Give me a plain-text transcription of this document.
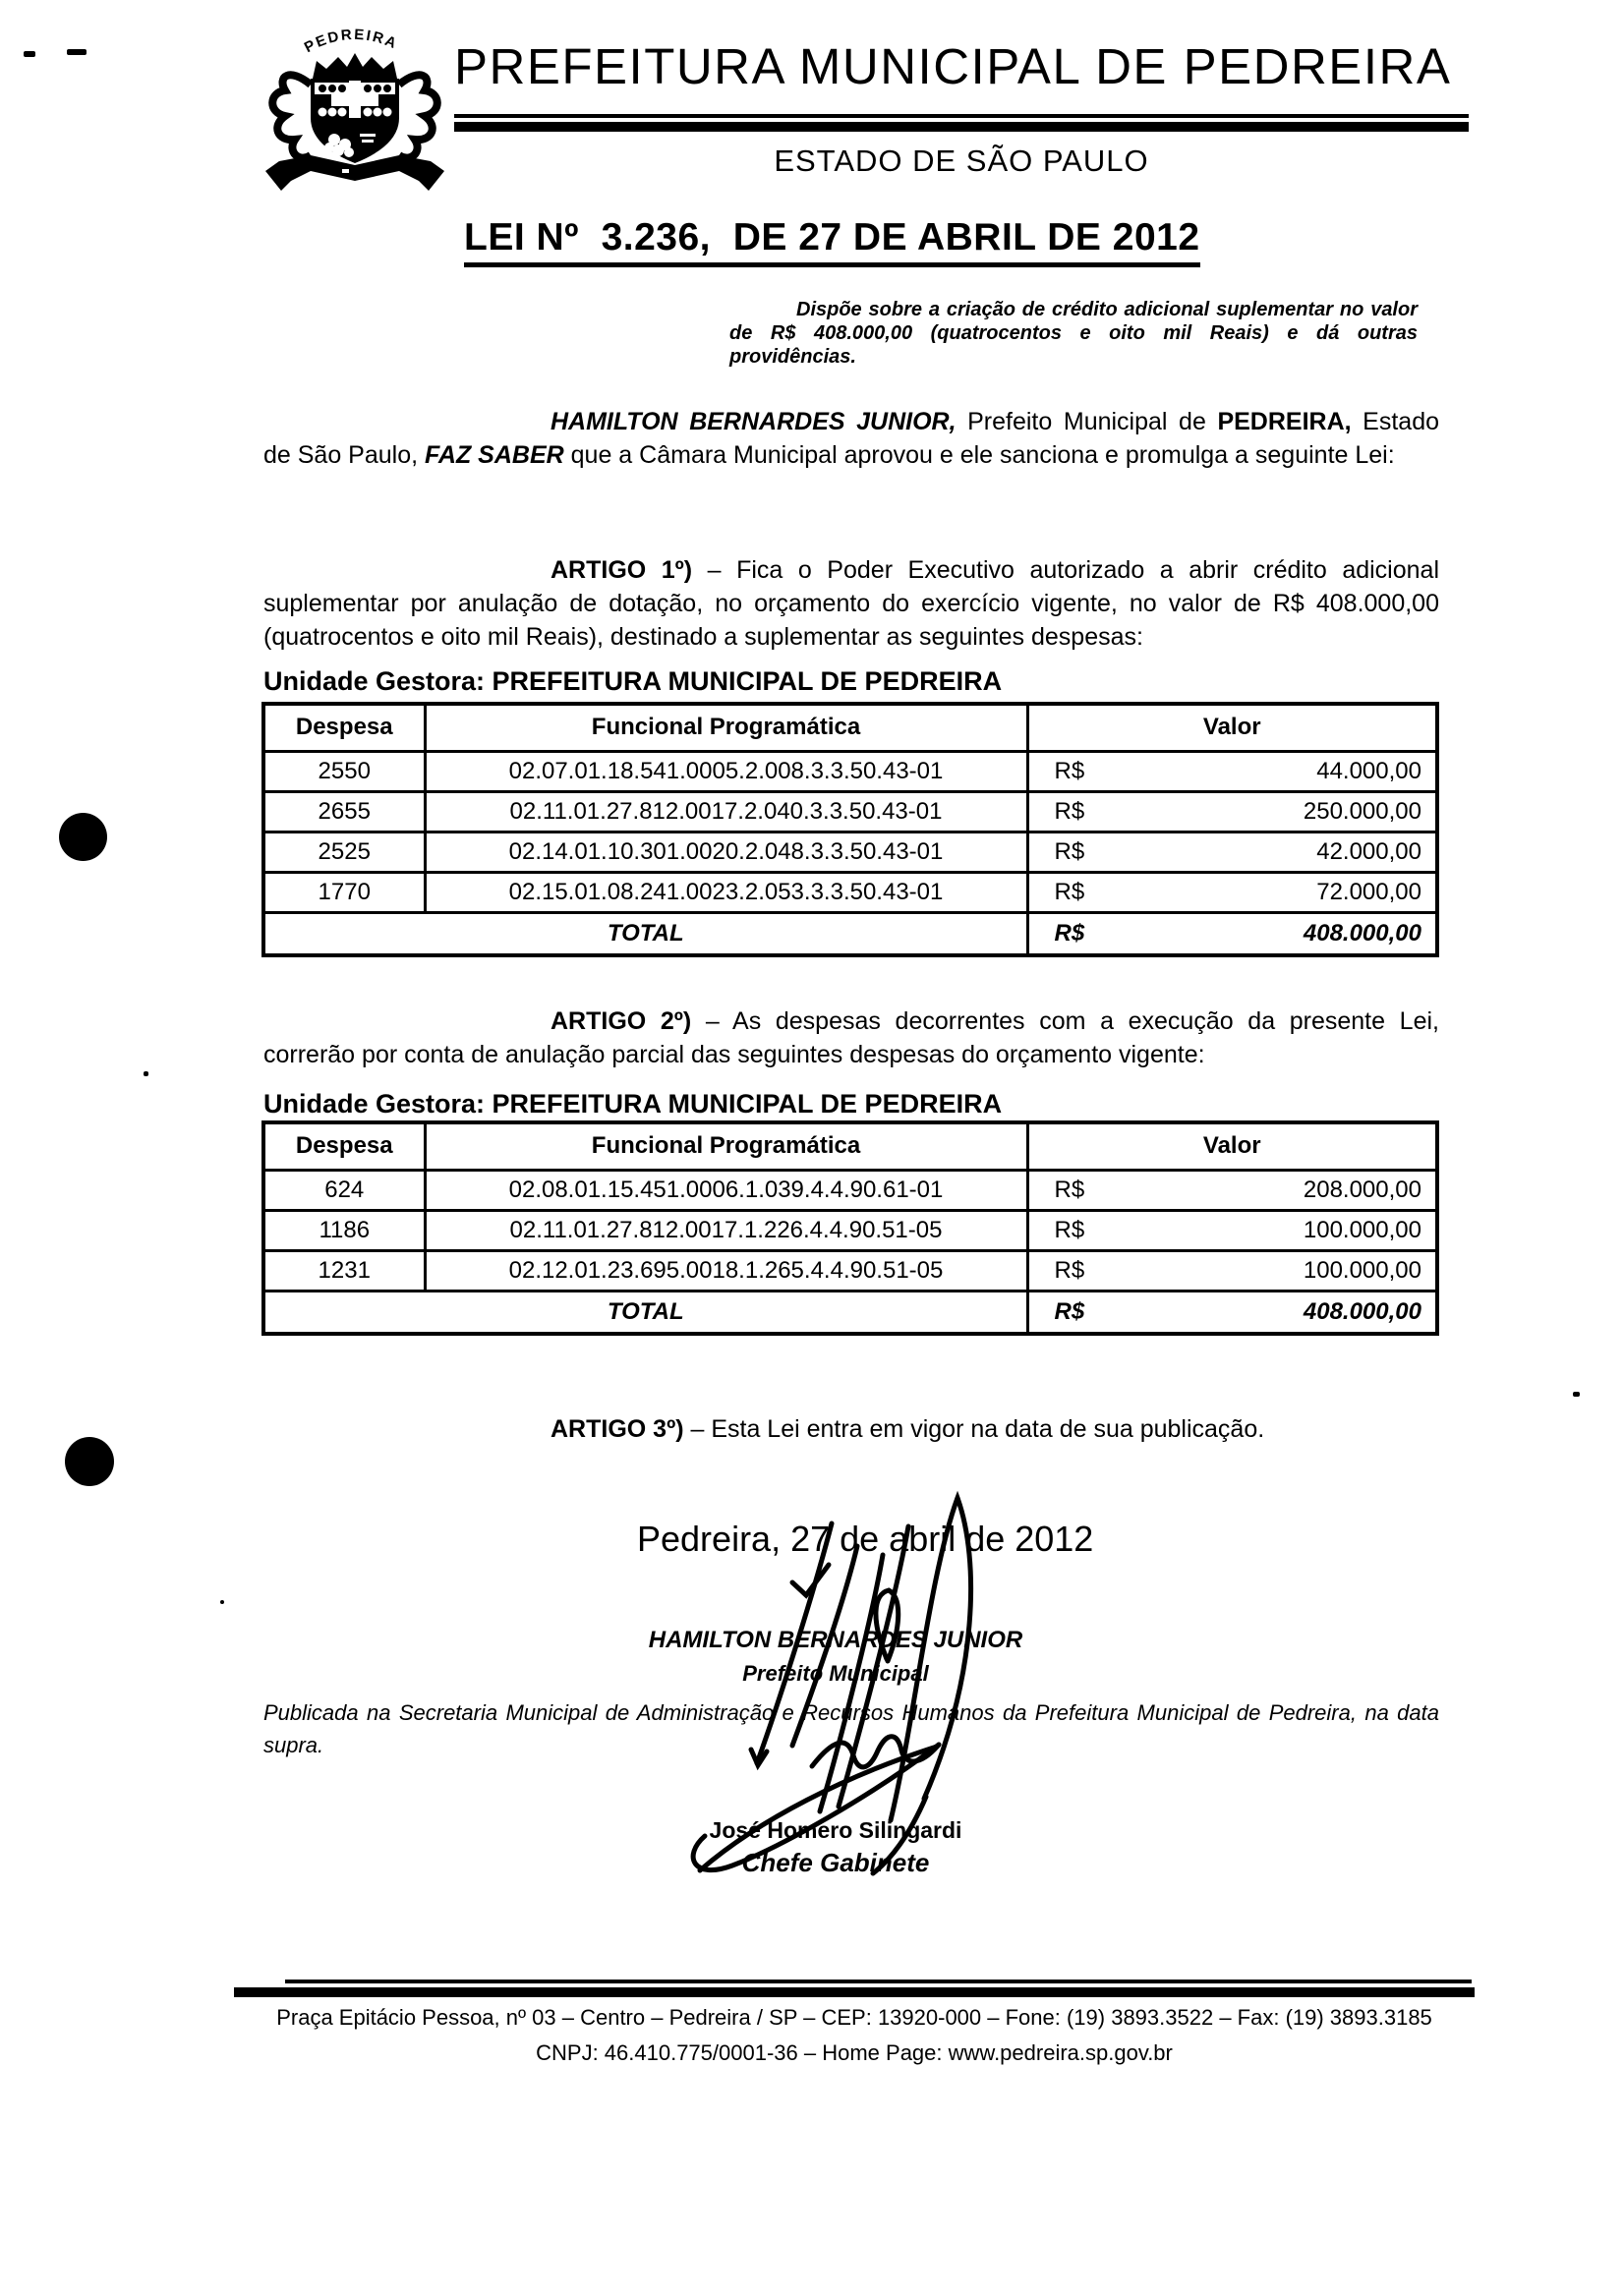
PEDREIRA PREFEITURA MUNICIPAL DE PEDREIRA
ESTADO DE SÃO PAULO
LEI Nº  3.236,  DE 27 DE ABRIL DE 2012

Dispõe sobre a criação de crédito adicional suplementar no valor de R$ 408.000,00 (quatrocentos e oito mil Reais) e dá outras providências.

HAMILTON BERNARDES JUNIOR, Prefeito Municipal de PEDREIRA, Estado de São Paulo, FAZ SABER que a Câmara Municipal aprovou e ele sanciona e promulga a seguinte Lei:

ARTIGO 1º) – Fica o Poder Executivo autorizado a abrir crédito adicional suplementar por anulação de dotação, no orçamento do exercício vigente, no valor de R$ 408.000,00 (quatrocentos e oito mil Reais), destinado a suplementar as seguintes despesas:

Unidade Gestora: PREFEITURA MUNICIPAL DE PEDREIRA

Despesa	Funcional Programática	Valor
2550	02.07.01.18.541.0005.2.008.3.3.50.43-01	R$ 44.000,00

2655	02.11.01.27.812.0017.2.040.3.3.50.43-01	R$ 250.000,00

2525	02.14.01.10.301.0020.2.048.3.3.50.43-01	R$ 42.000,00

1770	02.15.01.08.241.0023.2.053.3.3.50.43-01	R$ 72.000,00

TOTAL		R$ 408.000,00

ARTIGO 2º) – As despesas decorrentes com a execução da presente Lei, correrão por conta de anulação parcial das seguintes despesas do orçamento vigente:

Unidade Gestora: PREFEITURA MUNICIPAL DE PEDREIRA

Despesa	Funcional Programática	Valor
624	02.08.01.15.451.0006.1.039.4.4.90.61-01	R$ 208.000,00

1186	02.11.01.27.812.0017.1.226.4.4.90.51-05	R$ 100.000,00

1231	02.12.01.23.695.0018.1.265.4.4.90.51-05	R$ 100.000,00

TOTAL		R$ 408.000,00

ARTIGO 3º) – Esta Lei entra em vigor na data de sua publicação.

Pedreira, 27 de abril de 2012
HAMILTON BERNARDES JUNIOR
Prefeito Municipal

Publicada na Secretaria Municipal de Administração e Recursos Humanos da Prefeitura Municipal de Pedreira, na data supra.

José Homero Silingardi
Chefe Gabinete
Praça Epitácio Pessoa, nº 03 – Centro – Pedreira / SP – CEP: 13920-000 – Fone: (19) 3893.3522 – Fax: (19) 3893.3185
CNPJ: 46.410.775/0001-36 – Home Page: www.pedreira.sp.gov.br
